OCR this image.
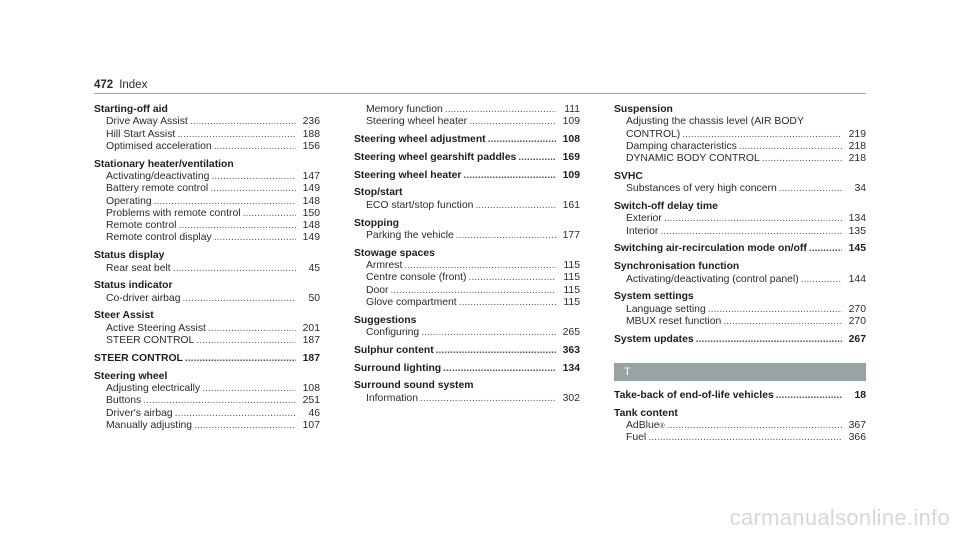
472 Index
Starting-off aid
Drive Away Assist .....	236
Hill Start Assist .....	188
Optimised acceleration .....	156
Stationary heater/ventilation
Activating/deactivating .....	147
Battery remote control .....	149
Operating .....	148
Problems with remote control .....	150
Remote control .....	148
Remote control display .....	149
Status display
Rear seat belt .....	45
Status indicator
Co-driver airbag .....	50
Steer Assist
Active Steering Assist .....	201
STEER CONTROL .....	187
STEER CONTROL .....	187
Steering wheel
Adjusting electrically .....	108
Buttons .....	251
Driver's airbag .....	46
Manually adjusting .....	107
Memory function .....	111
Steering wheel heater .....	109
Steering wheel adjustment .....	108
Steering wheel gearshift paddles .....	169
Steering wheel heater .....	109
Stop/start
ECO start/stop function .....	161
Stopping
Parking the vehicle .....	177
Stowage spaces
Armrest .....	115
Centre console (front) .....	115
Door .....	115
Glove compartment .....	115
Suggestions
Configuring .....	265
Sulphur content .....	363
Surround lighting .....	134
Surround sound system
Information .....	302
Suspension
Adjusting the chassis level (AIR BODY
CONTROL) .....	219
Damping characteristics .....	218
DYNAMIC BODY CONTROL .....	218
SVHC
Substances of very high concern .....	34
Switch-off delay time
Exterior .....	134
Interior .....	135
Switching air-recirculation mode on/off .....	145
Synchronisation function
Activating/deactivating (control panel) .....	144
System settings
Language setting .....	270
MBUX reset function .....	270
System updates .....	267
T
Take-back of end-of-life vehicles .....	18
Tank content
AdBlue ® .....	367
Fuel .....	366
carmanualsonline.info
